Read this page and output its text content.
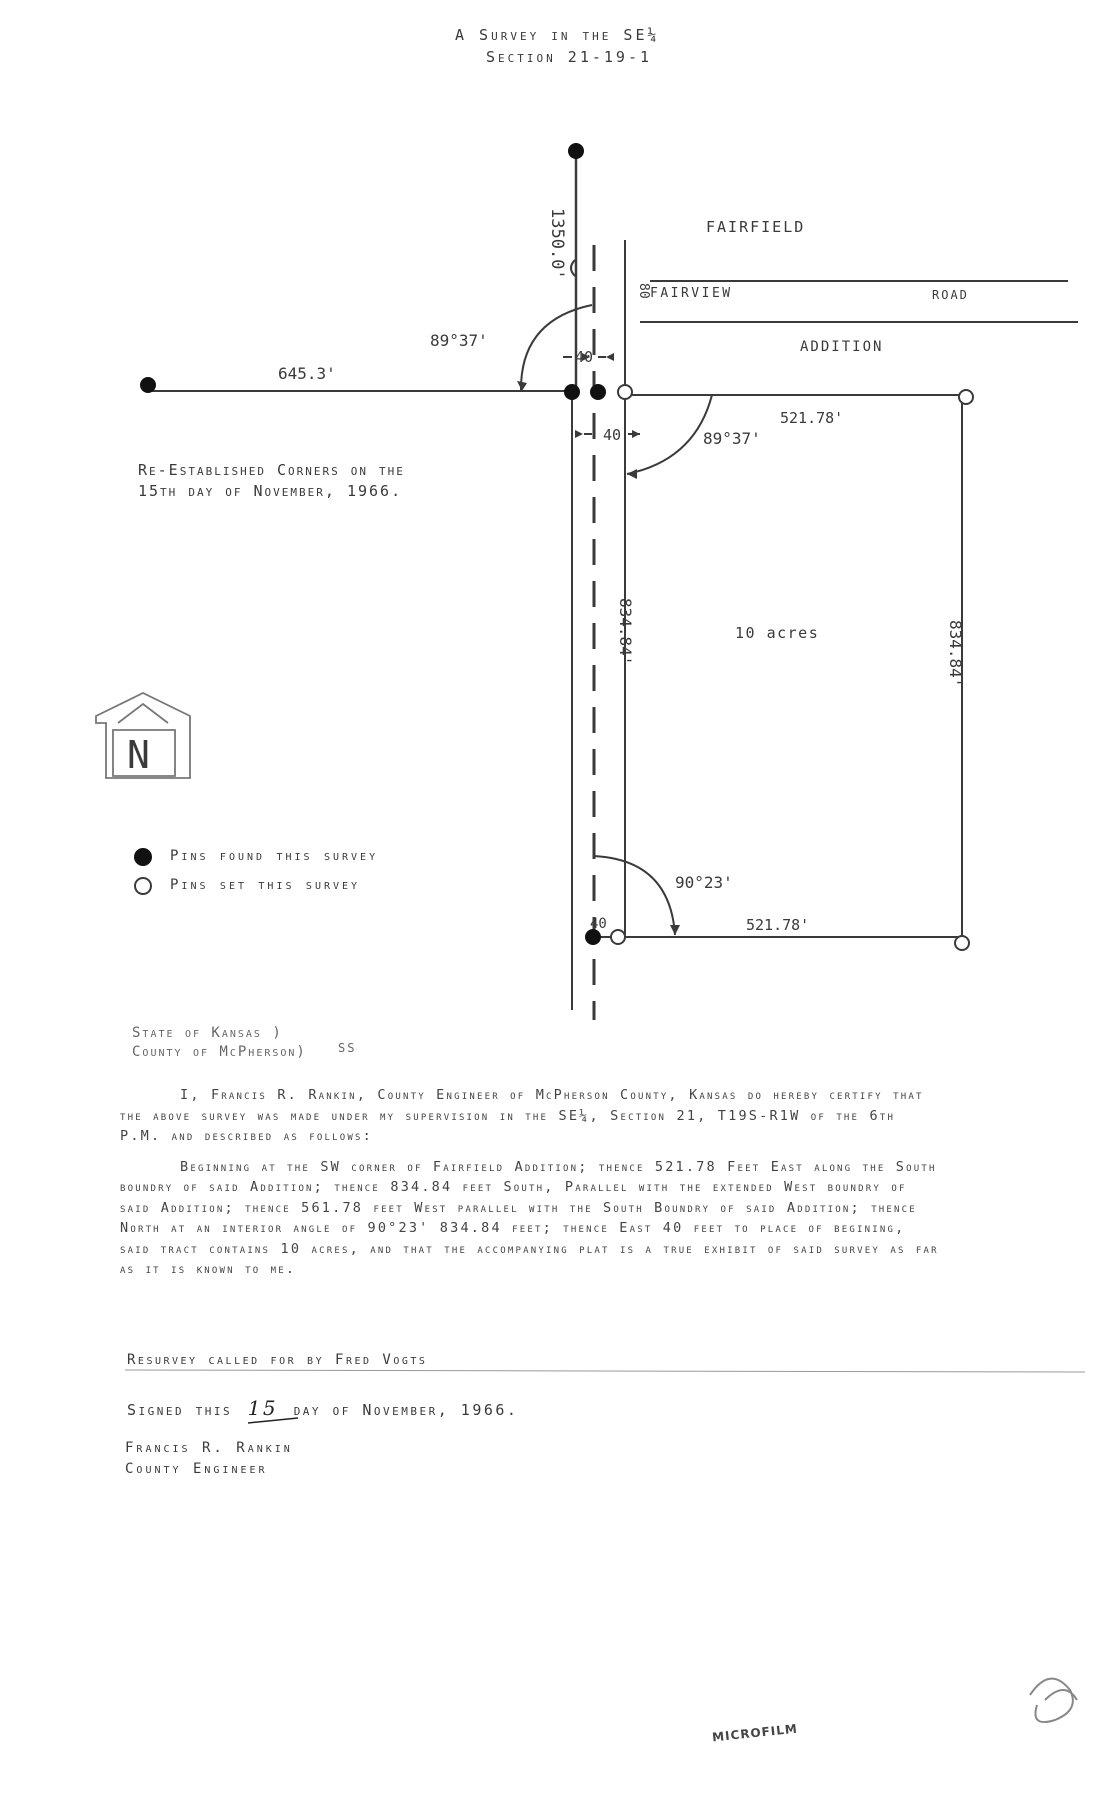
A Survey in the SE¼
Section 21-19-1
1350.0'	FAIRFIELD
80 FAIRVIEW	ROAD
ADDITION
89°37'
40
645.3'
40	89°37'
521.78'
834.84'	10 acres	834.84'
90°23'
40	521.78'
N
Re-Established Corners on the
15th day of November, 1966.
Pins found this survey
Pins set this survey
State of Kansas )
County of McPherson)	SS

I, Francis R. Rankin, County Engineer of McPherson County, Kansas do hereby certify that the above survey was made under my supervision in the SE¼, Section 21, T19S-R1W of the 6th P.M. and described as follows:

Beginning at the SW corner of Fairfield Addition; thence 521.78 Feet East along the South boundry of said Addition; thence 834.84 feet South, Parallel with the extended West boundry of said Addition; thence 561.78 feet West parallel with the South Boundry of said Addition; thence North at an interior angle of 90°23' 834.84 feet; thence East 40 feet to place of begining, said tract contains 10 acres, and that the accompanying plat is a true exhibit of said survey as far as it is known to me.

Resurvey called for by Fred Vogts
Signed this 15 day of November, 1966.
Francis R. Rankin
County Engineer
MICROFILM
